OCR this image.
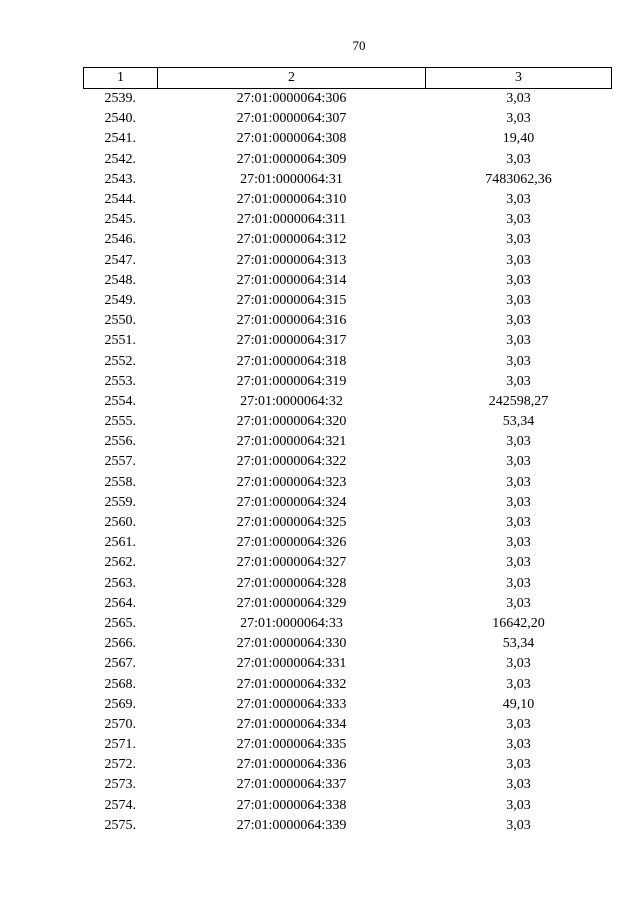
70
1	2	3
2539.	27:01:0000064:306	3,03
2540.	27:01:0000064:307	3,03
2541.	27:01:0000064:308	19,40
2542.	27:01:0000064:309	3,03
2543.	27:01:0000064:31	7483062,36
2544.	27:01:0000064:310	3,03
2545.	27:01:0000064:311	3,03
2546.	27:01:0000064:312	3,03
2547.	27:01:0000064:313	3,03
2548.	27:01:0000064:314	3,03
2549.	27:01:0000064:315	3,03
2550.	27:01:0000064:316	3,03
2551.	27:01:0000064:317	3,03
2552.	27:01:0000064:318	3,03
2553.	27:01:0000064:319	3,03
2554.	27:01:0000064:32	242598,27
2555.	27:01:0000064:320	53,34
2556.	27:01:0000064:321	3,03
2557.	27:01:0000064:322	3,03
2558.	27:01:0000064:323	3,03
2559.	27:01:0000064:324	3,03
2560.	27:01:0000064:325	3,03
2561.	27:01:0000064:326	3,03
2562.	27:01:0000064:327	3,03
2563.	27:01:0000064:328	3,03
2564.	27:01:0000064:329	3,03
2565.	27:01:0000064:33	16642,20
2566.	27:01:0000064:330	53,34
2567.	27:01:0000064:331	3,03
2568.	27:01:0000064:332	3,03
2569.	27:01:0000064:333	49,10
2570.	27:01:0000064:334	3,03
2571.	27:01:0000064:335	3,03
2572.	27:01:0000064:336	3,03
2573.	27:01:0000064:337	3,03
2574.	27:01:0000064:338	3,03
2575.	27:01:0000064:339	3,03
